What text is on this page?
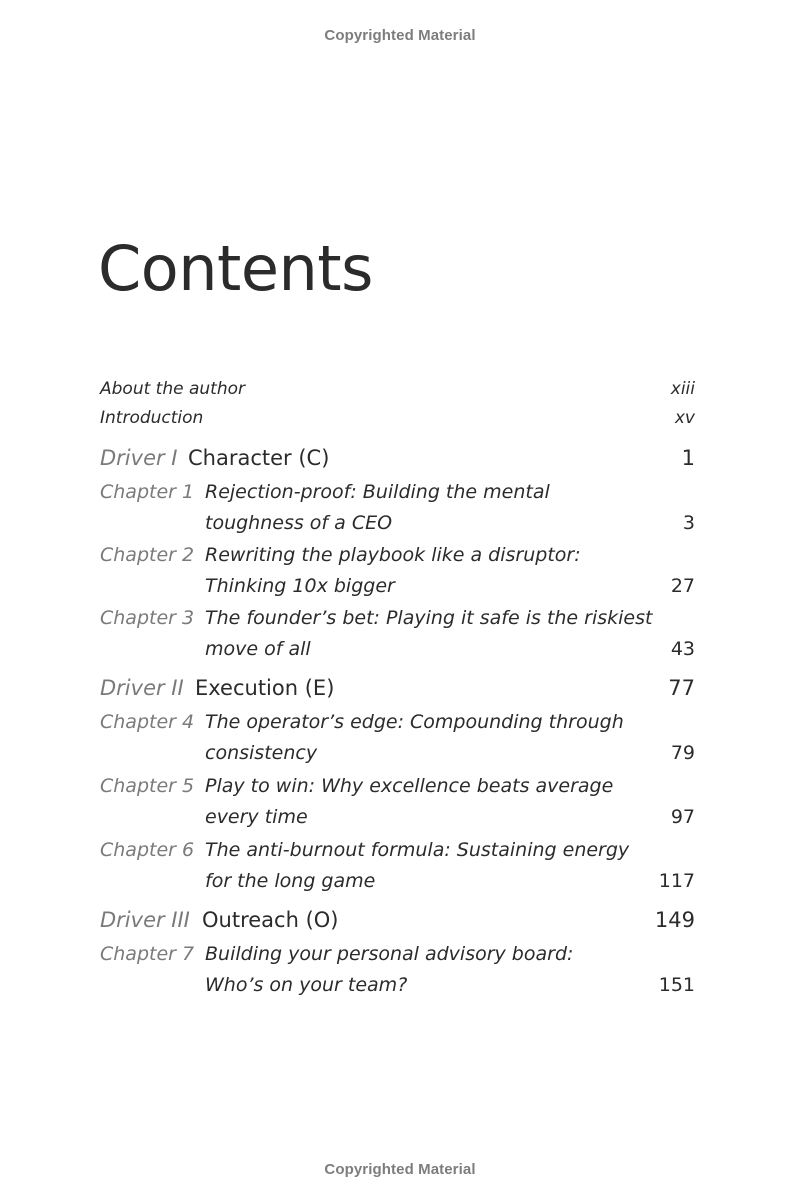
Copyrighted Material
Contents
About the author	xiii
Introduction	xv
Driver I Character (C)	1
Chapter 1 Rejection-proof: Building the mental
toughness of a CEO	3
Chapter 2 Rewriting the playbook like a disruptor:
Thinking 10x bigger	27
Chapter 3 The founder’s bet: Playing it safe is the riskiest
move of all	43
Driver II Execution (E)	77
Chapter 4 The operator’s edge: Compounding through
consistency	79
Chapter 5 Play to win: Why excellence beats average
every time	97
Chapter 6 The anti-burnout formula: Sustaining energy
for the long game	117
Driver III Outreach (O)	149
Chapter 7 Building your personal advisory board:
Who’s on your team?	151
Copyrighted Material
